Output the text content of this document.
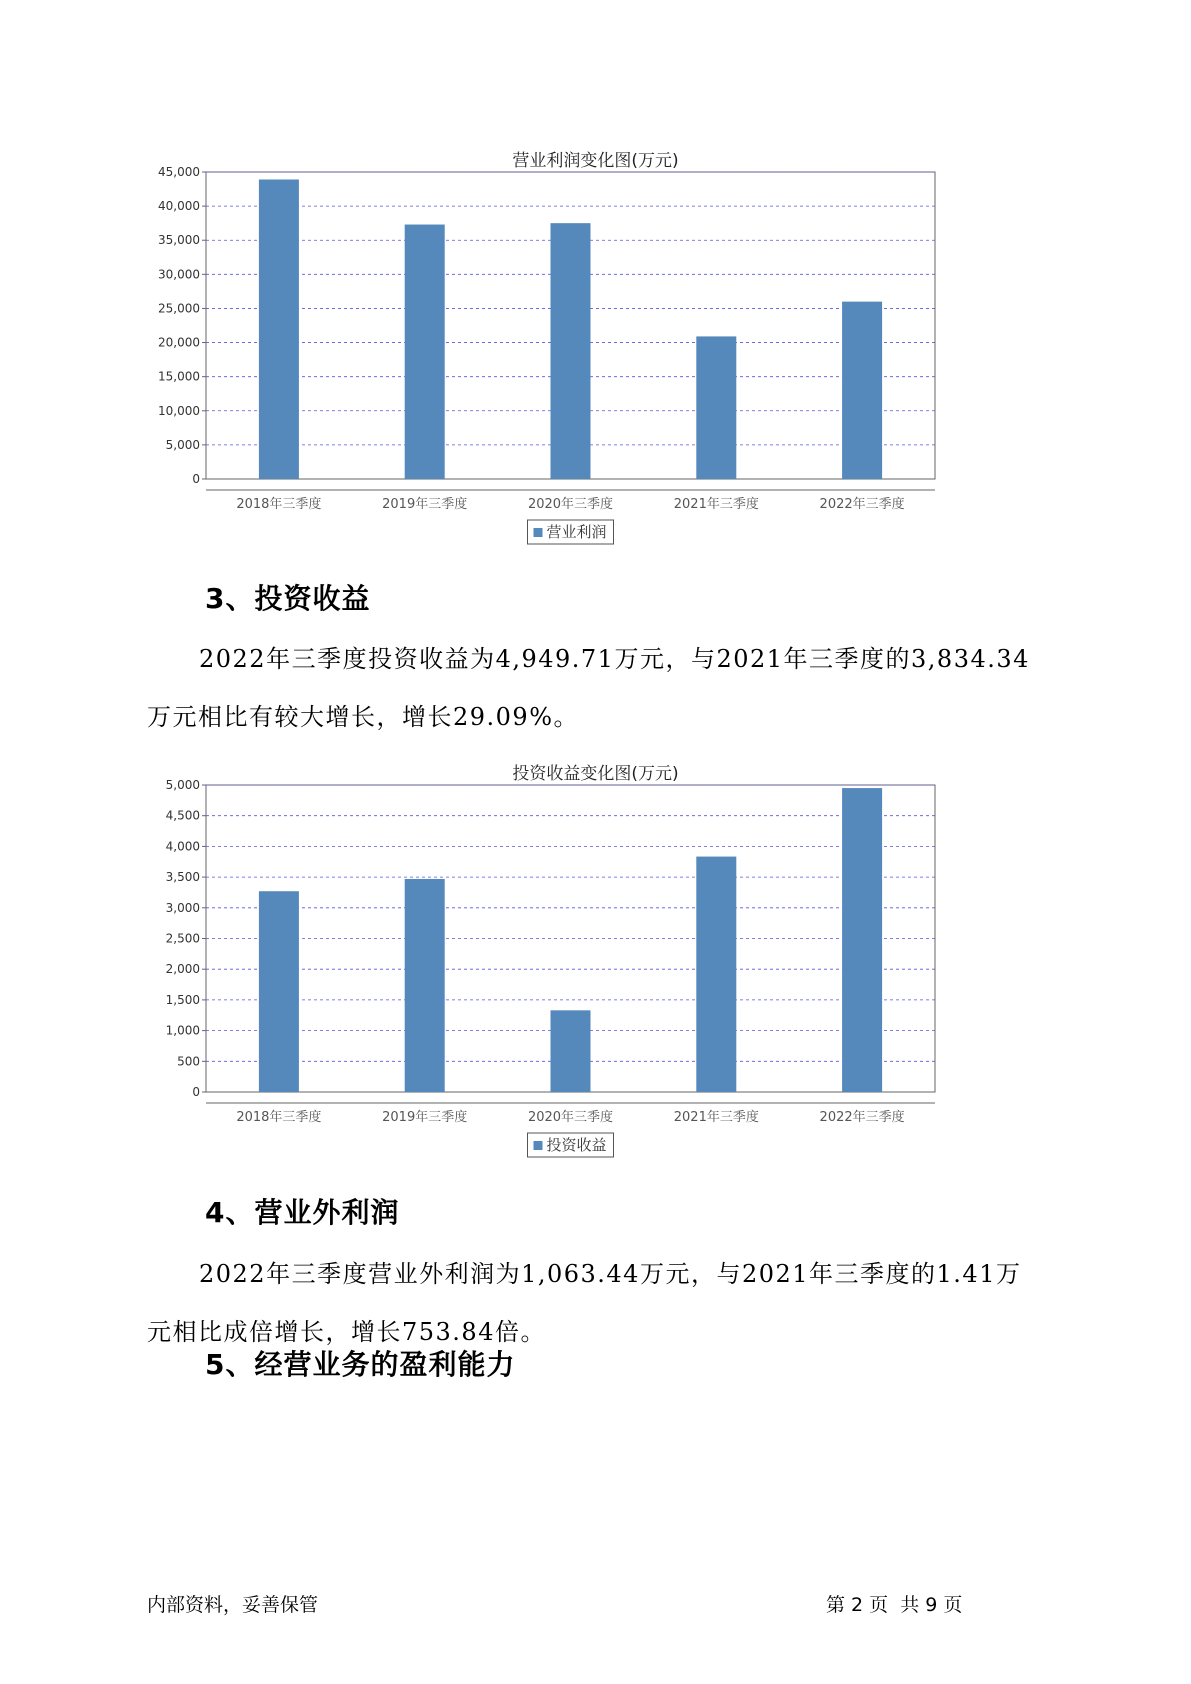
营业利润变化图(万元)
0
5,000
10,000
15,000
20,000
25,000
30,000
35,000
40,000
45,000
2018年三季度	2019年三季度	2020年三季度	2021年三季度	2022年三季度
营业利润
3、投资收益
2022年三季度投资收益为4,949.71万元，与2021年三季度的3,834.34
万元相比有较大增长，增长29.09%。
投资收益变化图(万元)
0
500
1,000
1,500
2,000
2,500
3,000
3,500
4,000
4,500
5,000
2018年三季度	2019年三季度	2020年三季度	2021年三季度	2022年三季度
投资收益
4、营业外利润
2022年三季度营业外利润为1,063.44万元，与2021年三季度的1.41万
元相比成倍增长，增长753.84倍。
5、经营业务的盈利能力
内部资料，妥善保管	第 2 页  共 9 页
